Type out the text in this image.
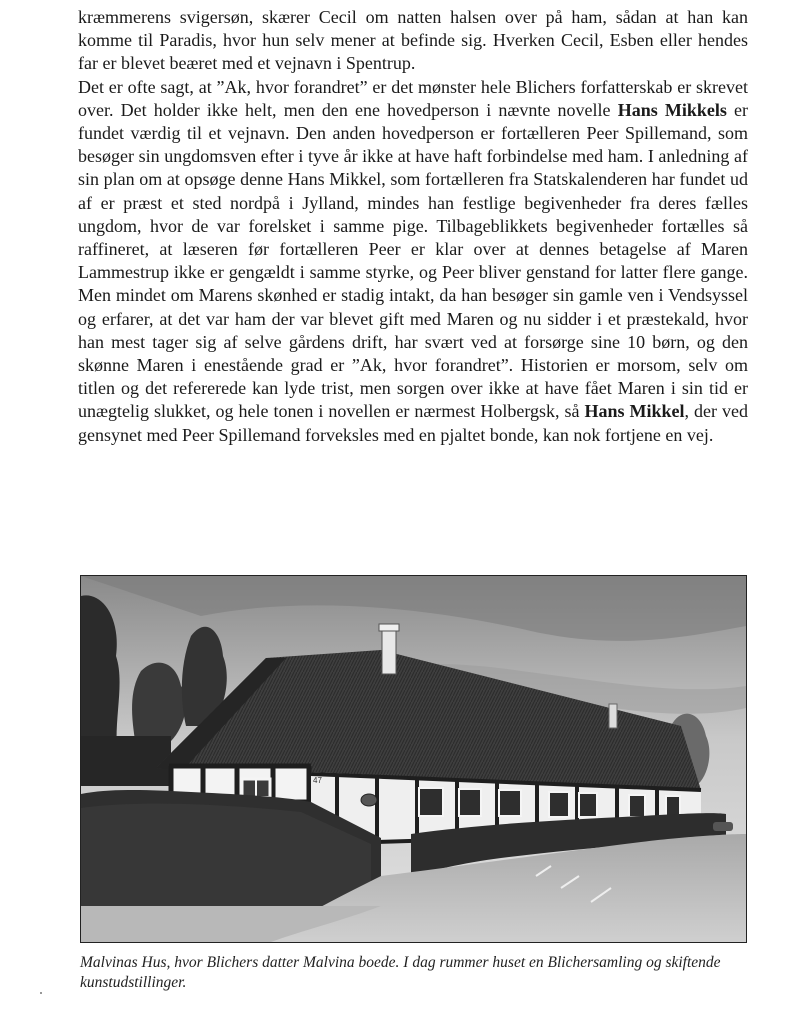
kræmmerens svigersøn, skærer Cecil om natten halsen over på ham, sådan at han kan komme til Paradis, hvor hun selv mener at befinde sig. Hverken Cecil, Esben eller hendes far er blevet beæret med et vejnavn i Spentrup.

Det er ofte sagt, at ”Ak, hvor forandret” er det mønster hele Blichers forfatterskab er skrevet over. Det holder ikke helt, men den ene hovedperson i nævnte novelle Hans Mikkels er fundet værdig til et vejnavn. Den anden hovedperson er fortælleren Peer Spillemand, som besøger sin ungdomsven efter i tyve år ikke at have haft forbindelse med ham. I anledning af sin plan om at opsøge denne Hans Mikkel, som fortælleren fra Statskalenderen har fundet ud af er præst et sted nordpå i Jylland, mindes han festlige begivenheder fra deres fælles ungdom, hvor de var forelsket i samme pige. Tilbageblikkets begivenheder fortælles så raffineret, at læseren før fortælleren Peer er klar over at dennes betagelse af Maren Lammestrup ikke er gengældt i samme styrke, og Peer bliver genstand for latter flere gange. Men mindet om Marens skønhed er stadig intakt, da han besøger sin gamle ven i Vendsyssel og erfarer, at det var ham der var blevet gift med Maren og nu sidder i et præstekald, hvor han mest tager sig af selve gårdens drift, har svært ved at forsørge sine 10 børn, og den skønne Maren i enestående grad er ”Ak, hvor forandret”. Historien er morsom, selv om titlen og det refererede kan lyde trist, men sorgen over ikke at have fået Maren i sin tid er unægtelig slukket, og hele tonen i novellen er nærmest Holbergsk, så Hans Mikkel, der ved gensynet med Peer Spillemand forveksles med en pjaltet bonde, kan nok fortjene en vej.

47
Malvinas Hus, hvor Blichers datter Malvina boede. I dag rummer huset en Blichersamling og skiftende kunstudstillinger.
